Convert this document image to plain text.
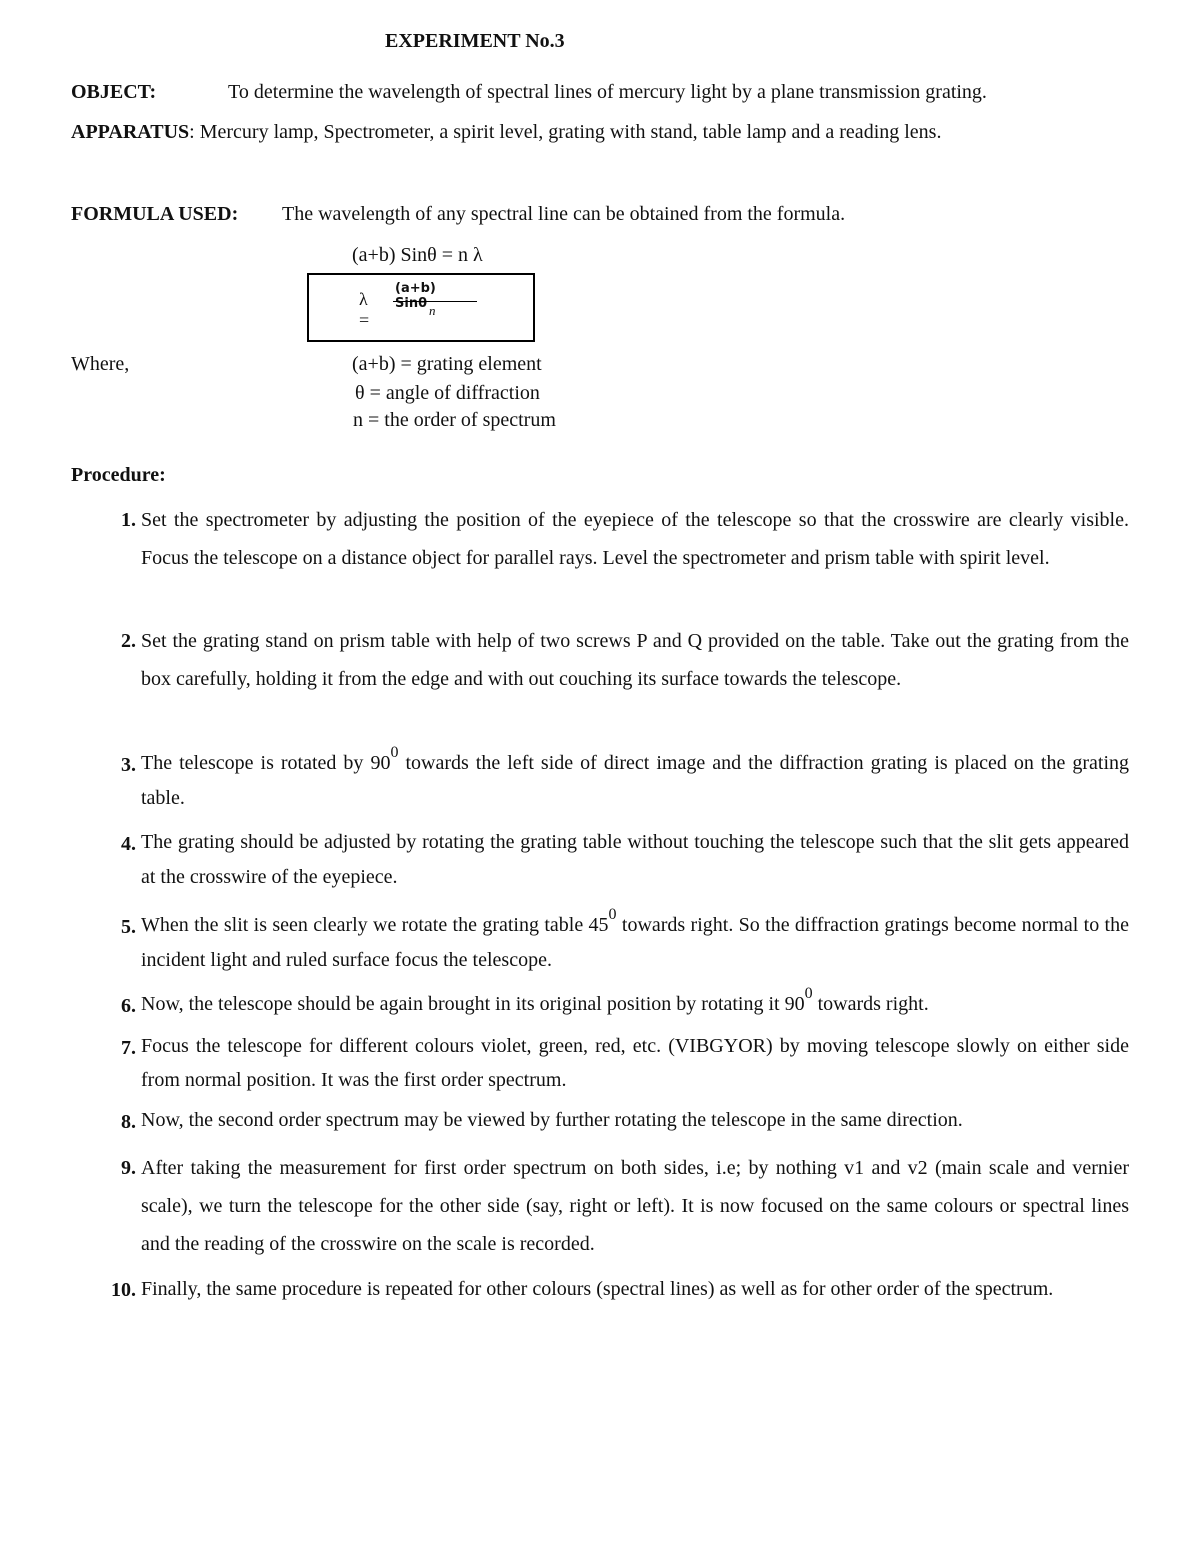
EXPERIMENT No.3
OBJECT:	To determine the wavelength of spectral lines of mercury light by a plane transmission grating.
APPARATUS: Mercury lamp, Spectrometer, a spirit level, grating with stand, table lamp and a reading lens.
FORMULA USED: The wavelength of any spectral line can be obtained from the formula.
(a+b) Sinθ = n λ
λ =
(a+b) Sinθ n
Where,	(a+b) = grating element
θ = angle of diffraction
n = the order of spectrum
Procedure:
1. Set the spectrometer by adjusting the position of the eyepiece of the telescope so that the crosswire are clearly visible. Focus the telescope on a distance object for parallel rays. Level the spectrometer and prism table with spirit level.
2. Set the grating stand on prism table with help of two screws P and Q provided on the table. Take out the grating from the box carefully, holding it from the edge and with out couching its surface towards the telescope.
3. The telescope is rotated by $90^0$ towards the left side of direct image and the diffraction grating is placed on the grating table.
4. The grating should be adjusted by rotating the grating table without touching the telescope such that the slit gets appeared at the crosswire of the eyepiece.
5. When the slit is seen clearly we rotate the grating table $45^0$ towards right. So the diffraction gratings become normal to the incident light and ruled surface focus the telescope.
6. Now, the telescope should be again brought in its original position by rotating it $90^0$ towards right.
7. Focus the telescope for different colours violet, green, red, etc. (VIBGYOR) by moving telescope slowly on either side from normal position. It was the first order spectrum.
8. Now, the second order spectrum may be viewed by further rotating the telescope in the same direction.
9. After taking the measurement for first order spectrum on both sides, i.e; by nothing v1 and v2 (main scale and vernier scale), we turn the telescope for the other side (say, right or left). It is now focused on the same colours or spectral lines and the reading of the crosswire on the scale is recorded.
10. Finally, the same procedure is repeated for other colours (spectral lines) as well as for other order of the spectrum.
